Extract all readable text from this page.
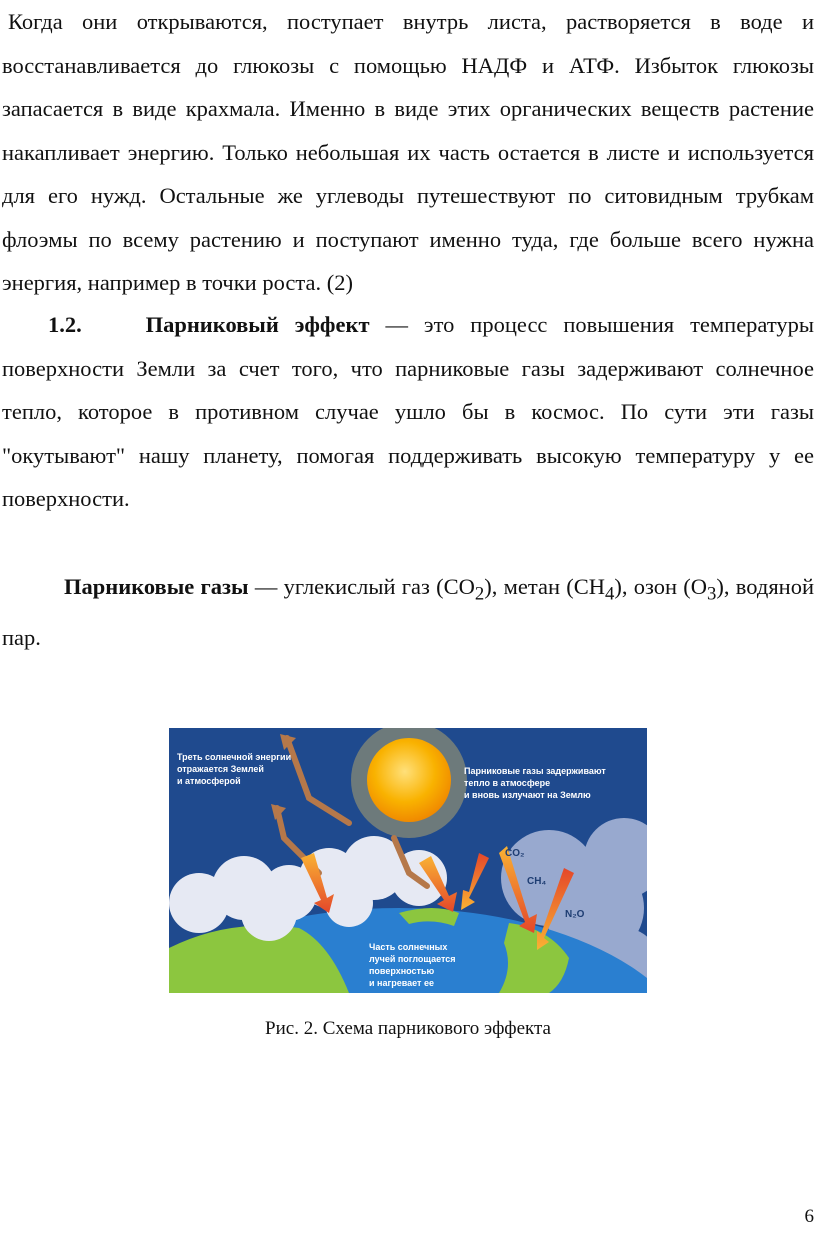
Когда они открываются, поступает внутрь листа, растворяется в воде и восстанавливается до глюкозы с помощью НАДФ и АТФ. Избыток глюкозы запасается в виде крахмала. Именно в виде этих органических веществ растение накапливает энергию. Только небольшая их часть остается в листе и используется для его нужд. Остальные же углеводы путешествуют по ситовидным трубкам флоэмы по всему растению и поступают именно туда, где больше всего нужна энергия, например в точки роста. (2)

1.2.	Парниковый эффект — это процесс повышения температуры поверхности Земли за счет того, что парниковые газы задерживают солнечное тепло, которое в противном случае ушло бы в космос. По сути эти газы "окутывают" нашу планету, помогая поддерживать высокую температуру у ее поверхности.

Парниковые газы — углекислый газ $(CO_2)$, метан $(CH_4)$, озон $(O_3)$, водяной пар.

Треть солнечной энергии отражается Землей и атмосферой
Парниковые газы задерживают тепло в атмосфере и вновь излучают на Землю
Часть солнечных лучей поглощается поверхностью и нагревает ее
CO₂
CH₄
N₂O

Рис. 2. Схема парникового эффекта

6
